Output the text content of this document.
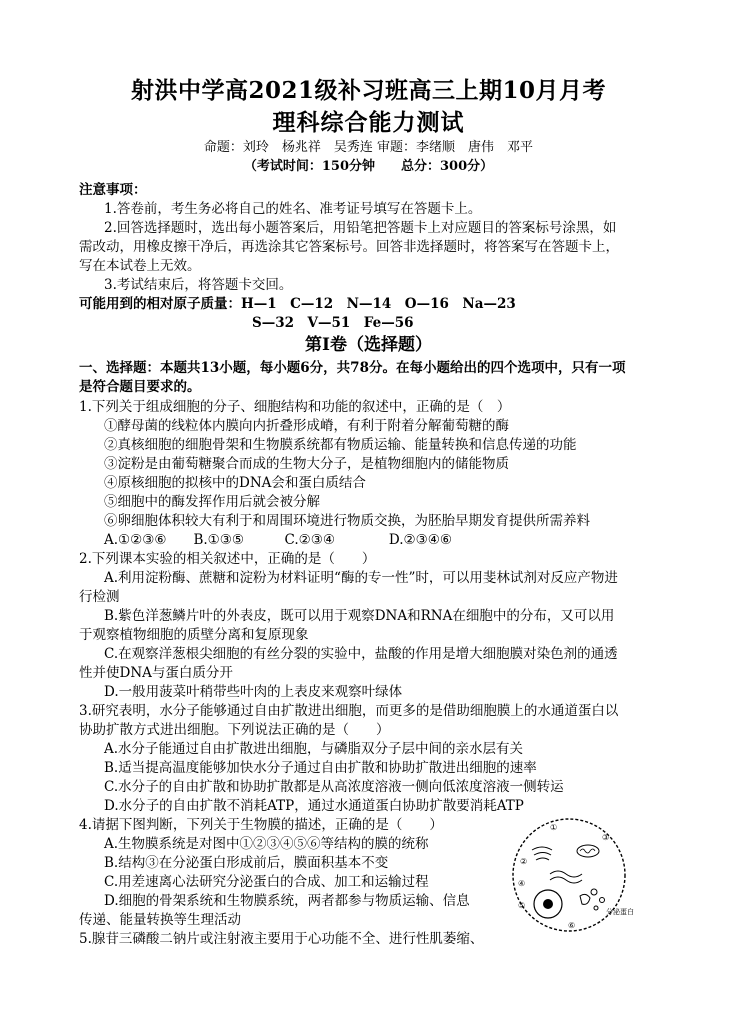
射洪中学高2021级补习班高三上期10月月考
理科综合能力测试
命题：刘玲　杨兆祥　吴秀连 审题：李绪顺　唐伟　邓平
（考试时间：150分钟　　总分：300分）
注意事项：
1.答卷前，考生务必将自己的姓名、准考证号填写在答题卡上。
2.回答选择题时，选出每小题答案后，用铅笔把答题卡上对应题目的答案标号涂黑，如
需改动，用橡皮擦干净后，再选涂其它答案标号。回答非选择题时，将答案写在答题卡上，
写在本试卷上无效。
3.考试结束后，将答题卡交回。
可能用到的相对原子质量：H—1　C—12　N—14　O—16　Na—23
S—32　V—51　Fe—56
第Ⅰ卷（选择题）
一、选择题：本题共13小题，每小题6分，共78分。在每小题给出的四个选项中，只有一项
是符合题目要求的。
1.下列关于组成细胞的分子、细胞结构和功能的叙述中，正确的是（　）
①酵母菌的线粒体内膜向内折叠形成嵴，有利于附着分解葡萄糖的酶
②真核细胞的细胞骨架和生物膜系统都有物质运输、能量转换和信息传递的功能
③淀粉是由葡萄糖聚合而成的生物大分子，是植物细胞内的储能物质
④原核细胞的拟核中的DNA会和蛋白质结合
⑤细胞中的酶发挥作用后就会被分解
⑥卵细胞体积较大有利于和周围环境进行物质交换，为胚胎早期发育提供所需养料
A.①②③⑥　　B.①③⑤　　　C.②③④　　　　D.②③④⑥
2.下列课本实验的相关叙述中，正确的是（　　）
A.利用淀粉酶、蔗糖和淀粉为材料证明“酶的专一性”时，可以用斐林试剂对反应产物进
行检测
B.紫色洋葱鳞片叶的外表皮，既可以用于观察DNA和RNA在细胞中的分布，又可以用
于观察植物细胞的质壁分离和复原现象
C.在观察洋葱根尖细胞的有丝分裂的实验中，盐酸的作用是增大细胞膜对染色剂的通透
性并使DNA与蛋白质分开
D.一般用菠菜叶稍带些叶肉的上表皮来观察叶绿体
3.研究表明，水分子能够通过自由扩散进出细胞，而更多的是借助细胞膜上的水通道蛋白以
协助扩散方式进出细胞。下列说法正确的是（　　）
A.水分子能通过自由扩散进出细胞，与磷脂双分子层中间的亲水层有关
B.适当提高温度能够加快水分子通过自由扩散和协助扩散进出细胞的速率
C.水分子的自由扩散和协助扩散都是从高浓度溶液一侧向低浓度溶液一侧转运
D.水分子的自由扩散不消耗ATP，通过水通道蛋白协助扩散要消耗ATP
4.请据下图判断，下列关于生物膜的描述，正确的是（　　）
A.生物膜系统是对图中①②③④⑤⑥等结构的膜的统称
B.结构③在分泌蛋白形成前后，膜面积基本不变
C.用差速离心法研究分泌蛋白的合成、加工和运输过程
D.细胞的骨架系统和生物膜系统，两者都参与物质运输、信息
传递、能量转换等生理活动
5.腺苷三磷酸二钠片或注射液主要用于心功能不全、进行性肌萎缩、
①
②
③
④
⑤
⑥
分泌蛋白
